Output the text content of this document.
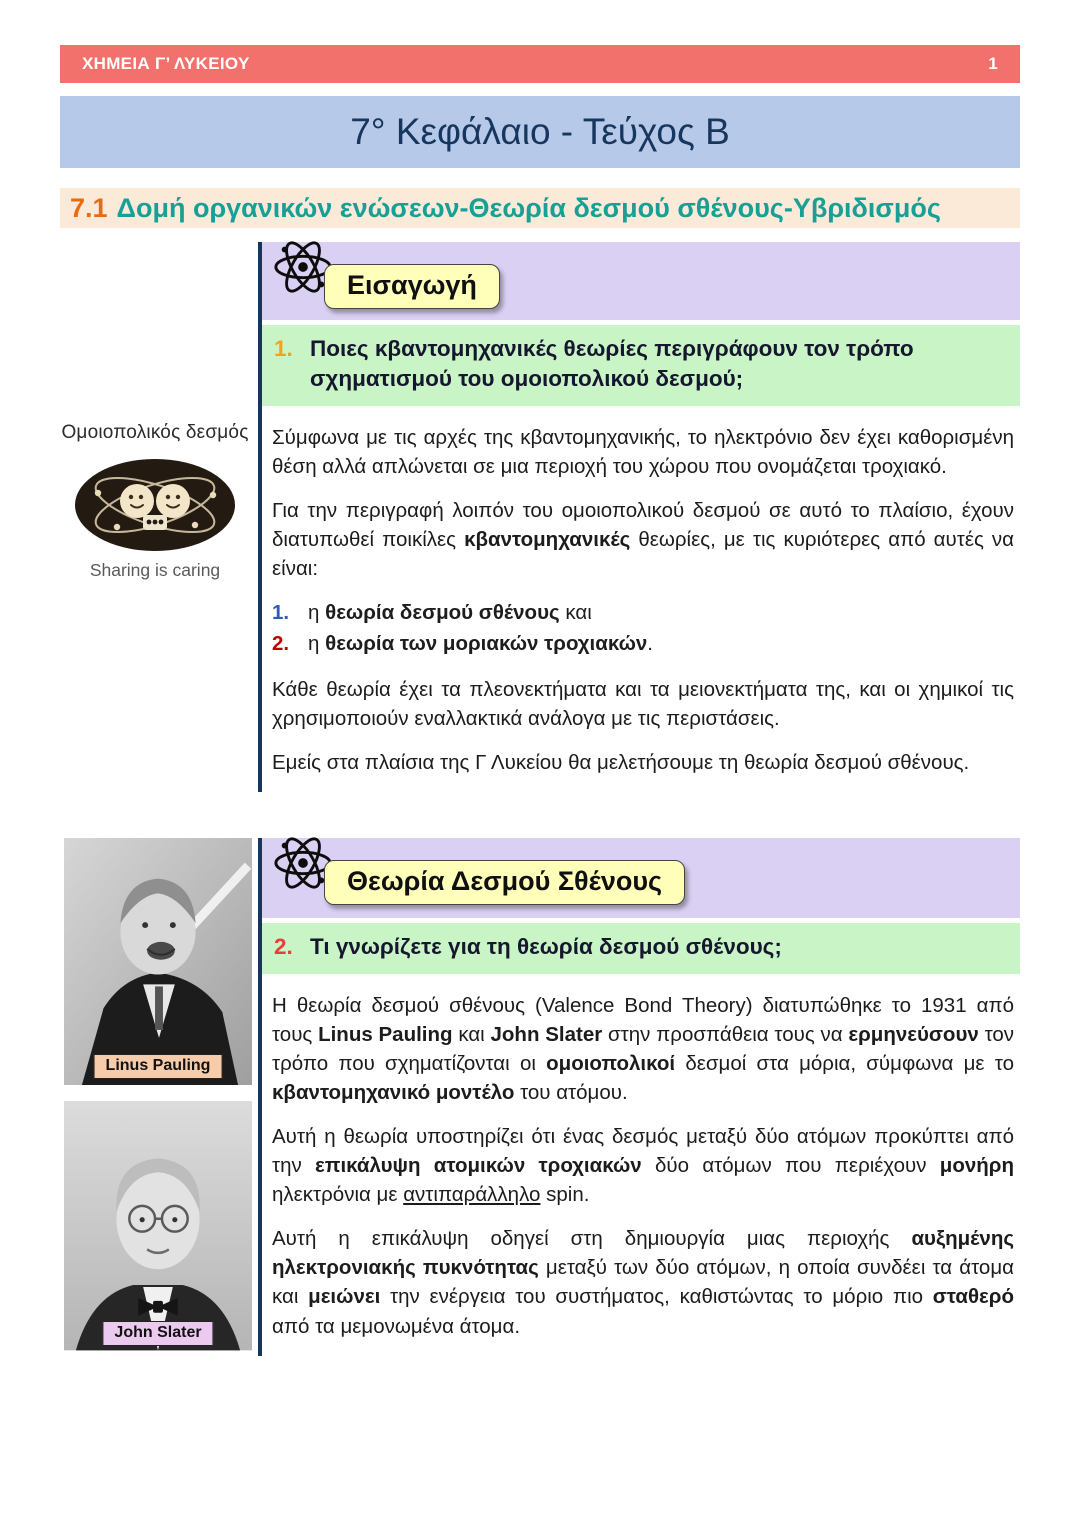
ΧΗΜΕΙΑ Γ’ ΛΥΚΕΙΟΥ	1
7° Κεφάλαιο - Τεύχος Β
7.1 Δομή οργανικών ενώσεων-Θεωρία δεσμού σθένους-Υβριδισμός
Ομοιοπολικός δεσμός
Sharing is caring
Εισαγωγή
1. Ποιες κβαντομηχανικές θεωρίες περιγράφουν τον τρόπο σχηματισμού του ομοιοπολικού δεσμού;

Σύμφωνα με τις αρχές της κβαντομηχανικής, το ηλεκτρόνιο δεν έχει καθορισμένη θέση αλλά απλώνεται σε μια περιοχή του χώρου που ονομάζεται τροχιακό.

Για την περιγραφή λοιπόν του ομοιοπολικού δεσμού σε αυτό το πλαίσιο, έχουν διατυπωθεί ποικίλες κβαντομηχανικές θεωρίες, με τις κυριότερες από αυτές να είναι:

1. η θεωρία δεσμού σθένους και
2. η θεωρία των μοριακών τροχιακών.

Κάθε θεωρία έχει τα πλεονεκτήματα και τα μειονεκτήματα της, και οι χημικοί τις χρησιμοποιούν εναλλακτικά ανάλογα με τις περιστάσεις.

Εμείς στα πλαίσια της Γ Λυκείου θα μελετήσουμε τη θεωρία δεσμού σθένους.

Linus Pauling
John Slater
Θεωρία Δεσμού Σθένους
2. Τι γνωρίζετε για τη θεωρία δεσμού σθένους;

Η θεωρία δεσμού σθένους (Valence Bond Theory) διατυπώθηκε το 1931 από τους Linus Pauling και John Slater στην προσπάθεια τους να ερμηνεύσουν τον τρόπο που σχηματίζονται οι ομοιοπολικοί δεσμοί στα μόρια, σύμφωνα με το κβαντομηχανικό μοντέλο του ατόμου.

Αυτή η θεωρία υποστηρίζει ότι ένας δεσμός μεταξύ δύο ατόμων προκύπτει από την επικάλυψη ατομικών τροχιακών δύο ατόμων που περιέχουν μονήρη ηλεκτρόνια με αντιπαράλληλο spin.

Αυτή η επικάλυψη οδηγεί στη δημιουργία μιας περιοχής αυξημένης ηλεκτρονιακής πυκνότητας μεταξύ των δύο ατόμων, η οποία συνδέει τα άτομα και μειώνει την ενέργεια του συστήματος, καθιστώντας το μόριο πιο σταθερό από τα μεμονωμένα άτομα.
